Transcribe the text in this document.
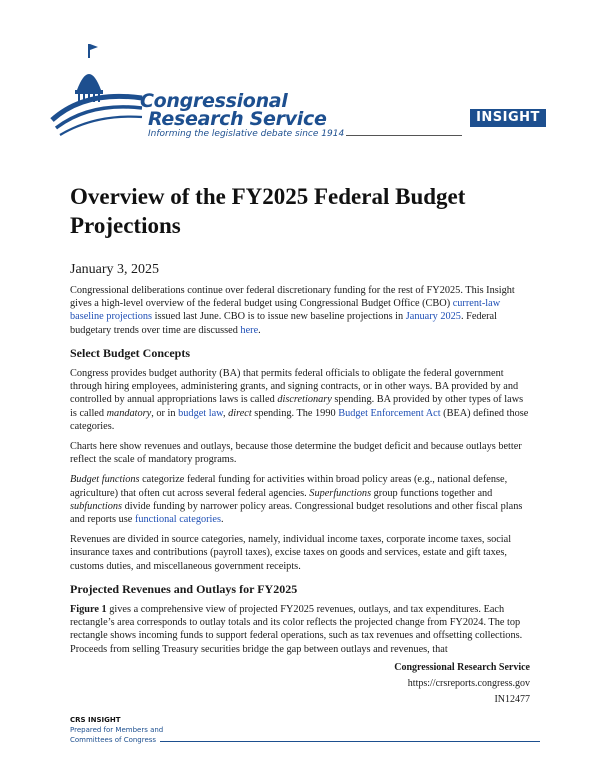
Congressional
Research Service
Informing the legislative debate since 1914
INSIGHT
Overview of the FY2025 Federal Budget Projections

January 3, 2025

Congressional deliberations continue over federal discretionary funding for the rest of FY2025. This Insight gives a high-level overview of the federal budget using Congressional Budget Office (CBO) current-law baseline projections issued last June. CBO is to issue new baseline projections in January 2025. Federal budgetary trends over time are discussed here.

Select Budget Concepts

Congress provides budget authority (BA) that permits federal officials to obligate the federal government through hiring employees, administering grants, and signing contracts, or in other ways. BA provided by and controlled by annual appropriations laws is called discretionary spending. BA provided by other types of laws is called mandatory, or in budget law, direct spending. The 1990 Budget Enforcement Act (BEA) defined those categories.

Charts here show revenues and outlays, because those determine the budget deficit and because outlays better reflect the scale of mandatory programs.

Budget functions categorize federal funding for activities within broad policy areas (e.g., national defense, agriculture) that often cut across several federal agencies. Superfunctions group functions together and subfunctions divide funding by narrower policy areas. Congressional budget resolutions and other fiscal plans and reports use functional categories.

Revenues are divided in source categories, namely, individual income taxes, corporate income taxes, social insurance taxes and contributions (payroll taxes), excise taxes on goods and services, estate and gift taxes, customs duties, and miscellaneous government receipts.

Projected Revenues and Outlays for FY2025

Figure 1 gives a comprehensive view of projected FY2025 revenues, outlays, and tax expenditures. Each rectangle’s area corresponds to outlay totals and its color reflects the projected change from FY2024. The top rectangle shows incoming funds to support federal operations, such as tax revenues and offsetting collections. Proceeds from selling Treasury securities bridge the gap between outlays and revenues, that

Congressional Research Service
https://crsreports.congress.gov
IN12477
CRS INSIGHT
Prepared for Members and
Committees of Congress
